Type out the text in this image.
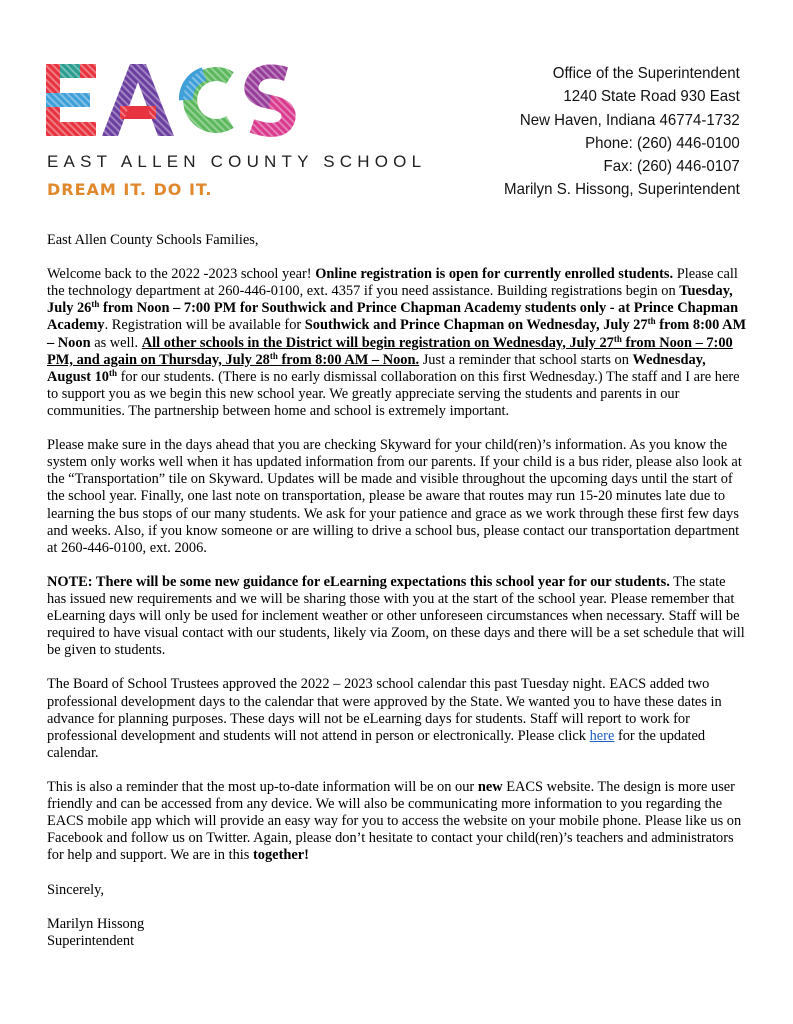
EAST ALLEN COUNTY SCHOOL
DREAM IT. DO IT.
Office of the Superintendent
1240 State Road 930 East
New Haven, Indiana 46774-1732
Phone: (260) 446-0100
Fax: (260) 446-0107
Marilyn S. Hissong, Superintendent

East Allen County Schools Families,

Welcome back to the 2022 -2023 school year! Online registration is open for currently enrolled students. Please call the technology department at 260-446-0100, ext. 4357 if you need assistance. Building registrations begin on Tuesday, July 26th from Noon – 7:00 PM for Southwick and Prince Chapman Academy students only - at Prince Chapman Academy. Registration will be available for Southwick and Prince Chapman on Wednesday, July 27th from 8:00 AM – Noon as well. All other schools in the District will begin registration on Wednesday, July 27th from Noon – 7:00 PM, and again on Thursday, July 28th from 8:00 AM – Noon. Just a reminder that school starts on Wednesday, August 10th for our students. (There is no early dismissal collaboration on this first Wednesday.) The staff and I are here to support you as we begin this new school year. We greatly appreciate serving the students and parents in our communities. The partnership between home and school is extremely important.

Please make sure in the days ahead that you are checking Skyward for your child(ren)’s information. As you know the system only works well when it has updated information from our parents. If your child is a bus rider, please also look at the “Transportation” tile on Skyward. Updates will be made and visible throughout the upcoming days until the start of the school year. Finally, one last note on transportation, please be aware that routes may run 15-20 minutes late due to learning the bus stops of our many students. We ask for your patience and grace as we work through these first few days and weeks. Also, if you know someone or are willing to drive a school bus, please contact our transportation department at 260-446-0100, ext. 2006.

NOTE: There will be some new guidance for eLearning expectations this school year for our students. The state has issued new requirements and we will be sharing those with you at the start of the school year. Please remember that eLearning days will only be used for inclement weather or other unforeseen circumstances when necessary. Staff will be required to have visual contact with our students, likely via Zoom, on these days and there will be a set schedule that will be given to students.

The Board of School Trustees approved the 2022 – 2023 school calendar this past Tuesday night. EACS added two professional development days to the calendar that were approved by the State. We wanted you to have these dates in advance for planning purposes. These days will not be eLearning days for students. Staff will report to work for professional development and students will not attend in person or electronically. Please click here for the updated calendar.

This is also a reminder that the most up-to-date information will be on our new EACS website. The design is more user friendly and can be accessed from any device. We will also be communicating more information to you regarding the EACS mobile app which will provide an easy way for you to access the website on your mobile phone. Please like us on Facebook and follow us on Twitter. Again, please don’t hesitate to contact your child(ren)’s teachers and administrators for help and support. We are in this together!

Sincerely,

Marilyn Hissong
Superintendent
